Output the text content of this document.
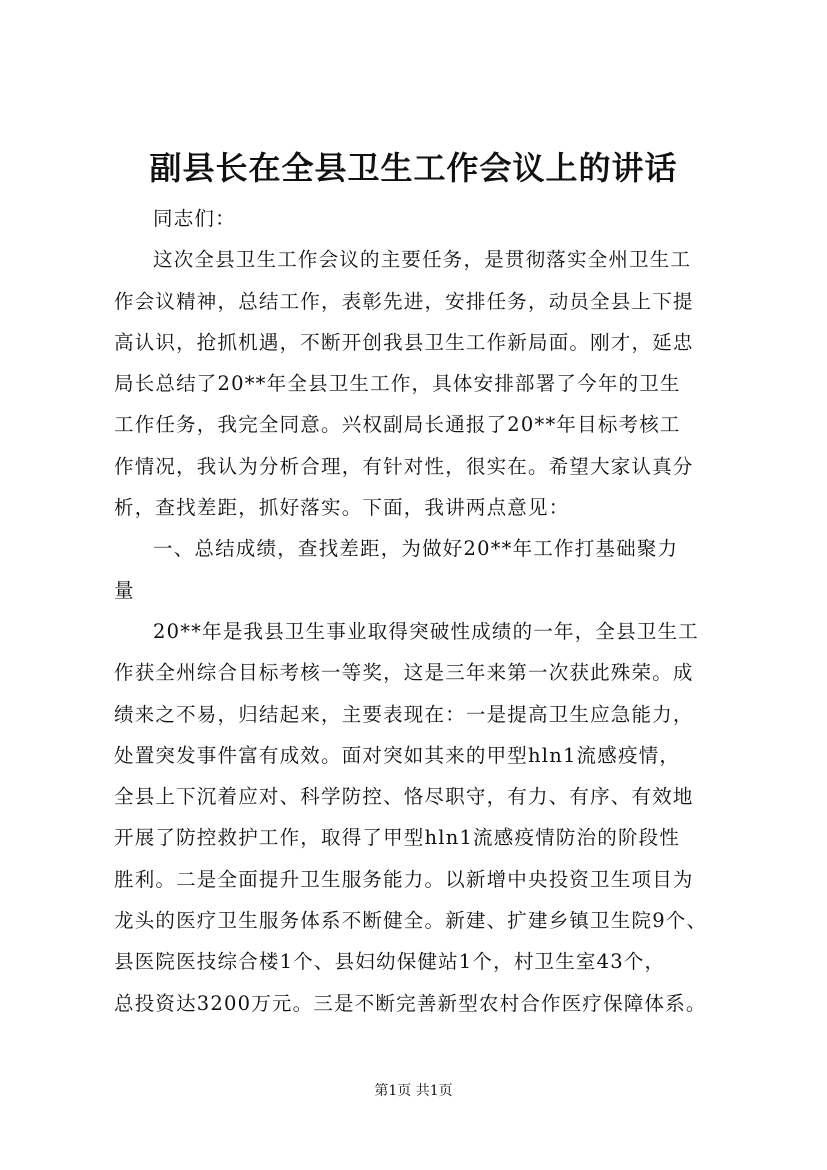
副县长在全县卫生工作会议上的讲话
同志们：
这次全县卫生工作会议的主要任务，是贯彻落实全州卫生工
作会议精神，总结工作，表彰先进，安排任务，动员全县上下提
高认识，抢抓机遇，不断开创我县卫生工作新局面。刚才，延忠
局长总结了20**年全县卫生工作，具体安排部署了今年的卫生
工作任务，我完全同意。兴权副局长通报了20**年目标考核工
作情况，我认为分析合理，有针对性，很实在。希望大家认真分
析，查找差距，抓好落实。下面，我讲两点意见：
一、总结成绩，查找差距，为做好20**年工作打基础聚力
量
20**年是我县卫生事业取得突破性成绩的一年，全县卫生工
作获全州综合目标考核一等奖，这是三年来第一次获此殊荣。成
绩来之不易，归结起来，主要表现在：一是提高卫生应急能力，
处置突发事件富有成效。面对突如其来的甲型hln1流感疫情，
全县上下沉着应对、科学防控、恪尽职守，有力、有序、有效地
开展了防控救护工作，取得了甲型hln1流感疫情防治的阶段性
胜利。二是全面提升卫生服务能力。以新增中央投资卫生项目为
龙头的医疗卫生服务体系不断健全。新建、扩建乡镇卫生院9个、
县医院医技综合楼1个、县妇幼保健站1个，村卫生室43个，
总投资达3200万元。三是不断完善新型农村合作医疗保障体系。
第1页 共1页
